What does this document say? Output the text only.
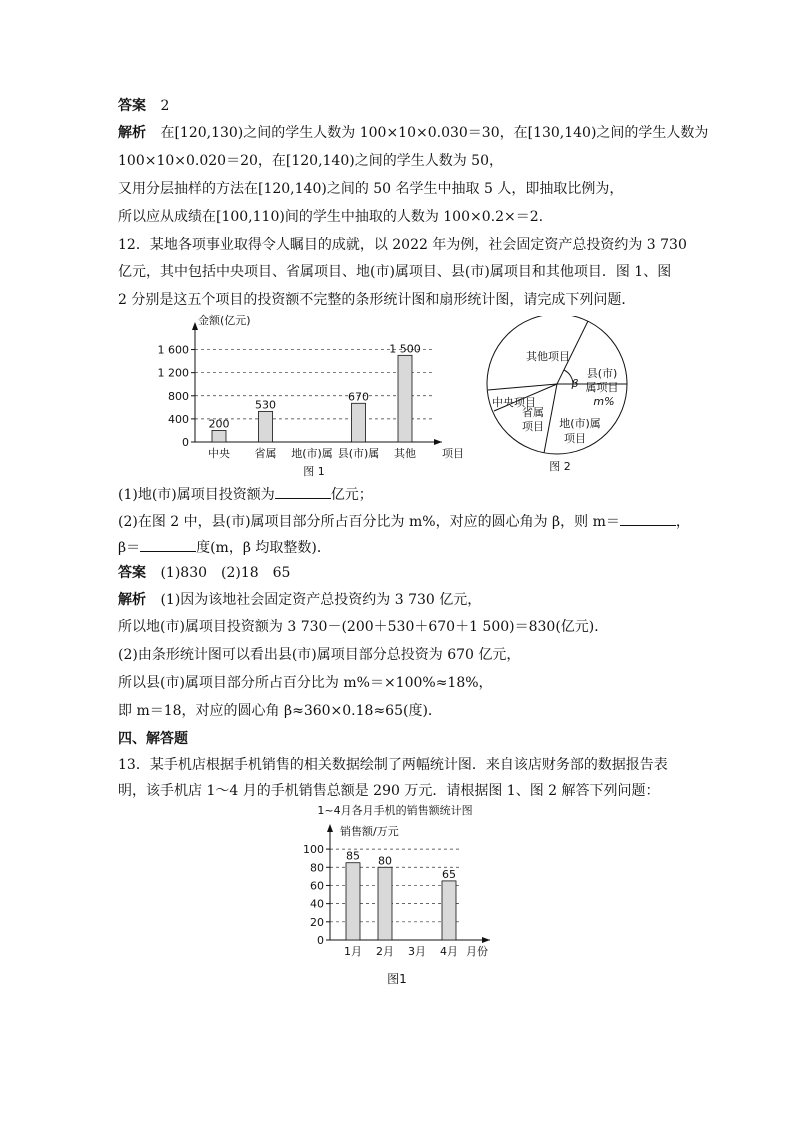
答案 2
解析 在[120,130)之间的学生人数为 100×10×0.030＝30，在[130,140)之间的学生人数为
100×10×0.020＝20，在[120,140)之间的学生人数为 50，
又用分层抽样的方法在[120,140)之间的 50 名学生中抽取 5 人，即抽取比例为，
所以应从成绩在[100,110)间的学生中抽取的人数为 100×0.2×＝2.
12．某地各项事业取得令人瞩目的成就，以 2022 年为例，社会固定资产总投资约为 3 730
亿元，其中包括中央项目、省属项目、地(市)属项目、县(市)属项目和其他项目．图 1、图
2 分别是这五个项目的投资额不完整的条形统计图和扇形统计图，请完成下列问题．
金额(亿元)
项目
图 1
0
400
800
1 200
1 600
200
中央
530
省属 地(市)属
670
县(市)属
1 500
其他
其他项目
县(市)
属项目
m%
β
中央项目
省属
项目 地(市)属
项目
图 2
(1)地(市)属项目投资额为	亿元；
(2)在图 2 中，县(市)属项目部分所占百分比为 m%，对应的圆心角为 β，则 m＝	，
β＝	度(m，β 均取整数)．
答案 (1)830　(2)18　65
解析 (1)因为该地社会固定资产总投资约为 3 730 亿元，
所以地(市)属项目投资额为 3 730－(200＋530＋670＋1 500)＝830(亿元)．
(2)由条形统计图可以看出县(市)属项目部分总投资为 670 亿元，
所以县(市)属项目部分所占百分比为 m%＝×100%≈18%，
即 m＝18，对应的圆心角 β≈360×0.18≈65(度)．
四、解答题
13．某手机店根据手机销售的相关数据绘制了两幅统计图．来自该店财务部的数据报告表
明，该手机店 1～4 月的手机销售总额是 290 万元．请根据图 1、图 2 解答下列问题：
1~4月各月手机的销售额统计图
销售额/万元
月份
图1
0
20
40
60
80
100
85
1月
80
2月 3月
65
4月
